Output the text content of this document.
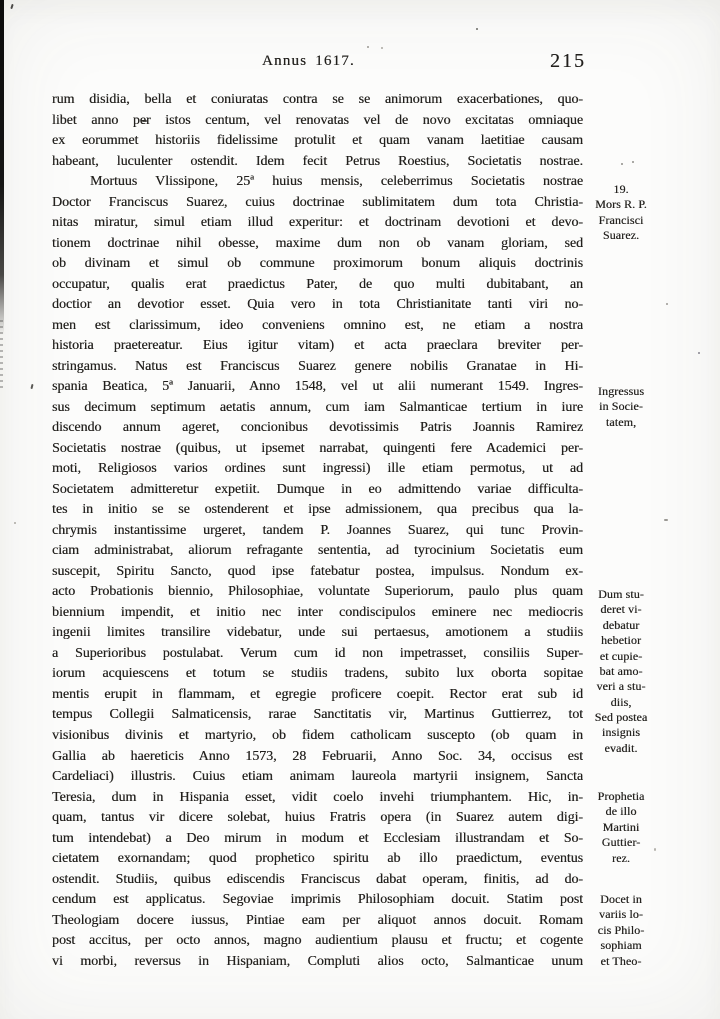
Annus 1617.	215
rum disidia, bella et coniuratas contra se se animorum exacerbationes, quo-
libet anno per istos centum, vel renovatas vel de novo excitatas omniaque
ex eorummet historiis fidelissime protulit et quam vanam laetitiae causam
habeant, luculenter ostendit. Idem fecit Petrus Roestius, Societatis nostrae.
Mortuus Vlissipone, 25ª huius mensis, celeberrimus Societatis nostrae
Doctor Franciscus Suarez, cuius doctrinae sublimitatem dum tota Christia-
nitas miratur, simul etiam illud experitur: et doctrinam devotioni et devo-
tionem doctrinae nihil obesse, maxime dum non ob vanam gloriam, sed
ob divinam et simul ob commune proximorum bonum aliquis doctrinis
occupatur, qualis erat praedictus Pater, de quo multi dubitabant, an
doctior an devotior esset. Quia vero in tota Christianitate tanti viri no-
men est clarissimum, ideo conveniens omnino est, ne etiam a nostra
historia praetereatur. Eius igitur vitam) et acta praeclara breviter per-
stringamus. Natus est Franciscus Suarez genere nobilis Granatae in Hi-
spania Beatica, 5ª Januarii, Anno 1548, vel ut alii numerant 1549. Ingres-
sus decimum septimum aetatis annum, cum iam Salmanticae tertium in iure
discendo annum ageret, concionibus devotissimis Patris Joannis Ramirez
Societatis nostrae (quibus, ut ipsemet narrabat, quingenti fere Academici per-
moti, Religiosos varios ordines sunt ingressi) ille etiam permotus, ut ad
Societatem admitteretur expetiit. Dumque in eo admittendo variae difficulta-
tes in initio se se ostenderent et ipse admissionem, qua precibus qua la-
chrymis instantissime urgeret, tandem P. Joannes Suarez, qui tunc Provin-
ciam administrabat, aliorum refragante sententia, ad tyrocinium Societatis eum
suscepit, Spiritu Sancto, quod ipse fatebatur postea, impulsus. Nondum ex-
acto Probationis biennio, Philosophiae, voluntate Superiorum, paulo plus quam
biennium impendit, et initio nec inter condiscipulos eminere nec mediocris
ingenii limites transilire videbatur, unde sui pertaesus, amotionem a studiis
a Superioribus postulabat. Verum cum id non impetrasset, consiliis Super-
iorum acquiescens et totum se studiis tradens, subito lux oborta sopitae
mentis erupit in flammam, et egregie proficere coepit. Rector erat sub id
tempus Collegii Salmaticensis, rarae Sanctitatis vir, Martinus Guttierrez, tot
visionibus divinis et martyrio, ob fidem catholicam suscepto (ob quam in
Gallia ab haereticis Anno 1573, 28 Februarii, Anno Soc. 34, occisus est
Cardeliaci) illustris. Cuius etiam animam laureola martyrii insignem, Sancta
Teresia, dum in Hispania esset, vidit coelo invehi triumphantem. Hic, in-
quam, tantus vir dicere solebat, huius Fratris opera (in Suarez autem digi-
tum intendebat) a Deo mirum in modum et Ecclesiam illustrandam et So-
cietatem exornandam; quod prophetico spiritu ab illo praedictum, eventus
ostendit. Studiis, quibus ediscendis Franciscus dabat operam, finitis, ad do-
cendum est applicatus. Segoviae imprimis Philosophiam docuit. Statim post
Theologiam docere iussus, Pintiae eam per aliquot annos docuit. Romam
post accitus, per octo annos, magno audientium plausu et fructu; et cogente
vi morbi, reversus in Hispaniam, Compluti alios octo, Salmanticae unum
19.
Mors R. P.
Francisci
Suarez.
Ingressus
in Socie-
tatem,
Dum stu-
deret vi-
debatur
hebetior
et cupie-
bat amo-
veri a stu-
diis,
Sed postea
insignis
evadit.
Prophetia
de illo
Martini
Guttier-
rez.
Docet in
variis lo-
cis Philo-
sophiam
et Theo-
